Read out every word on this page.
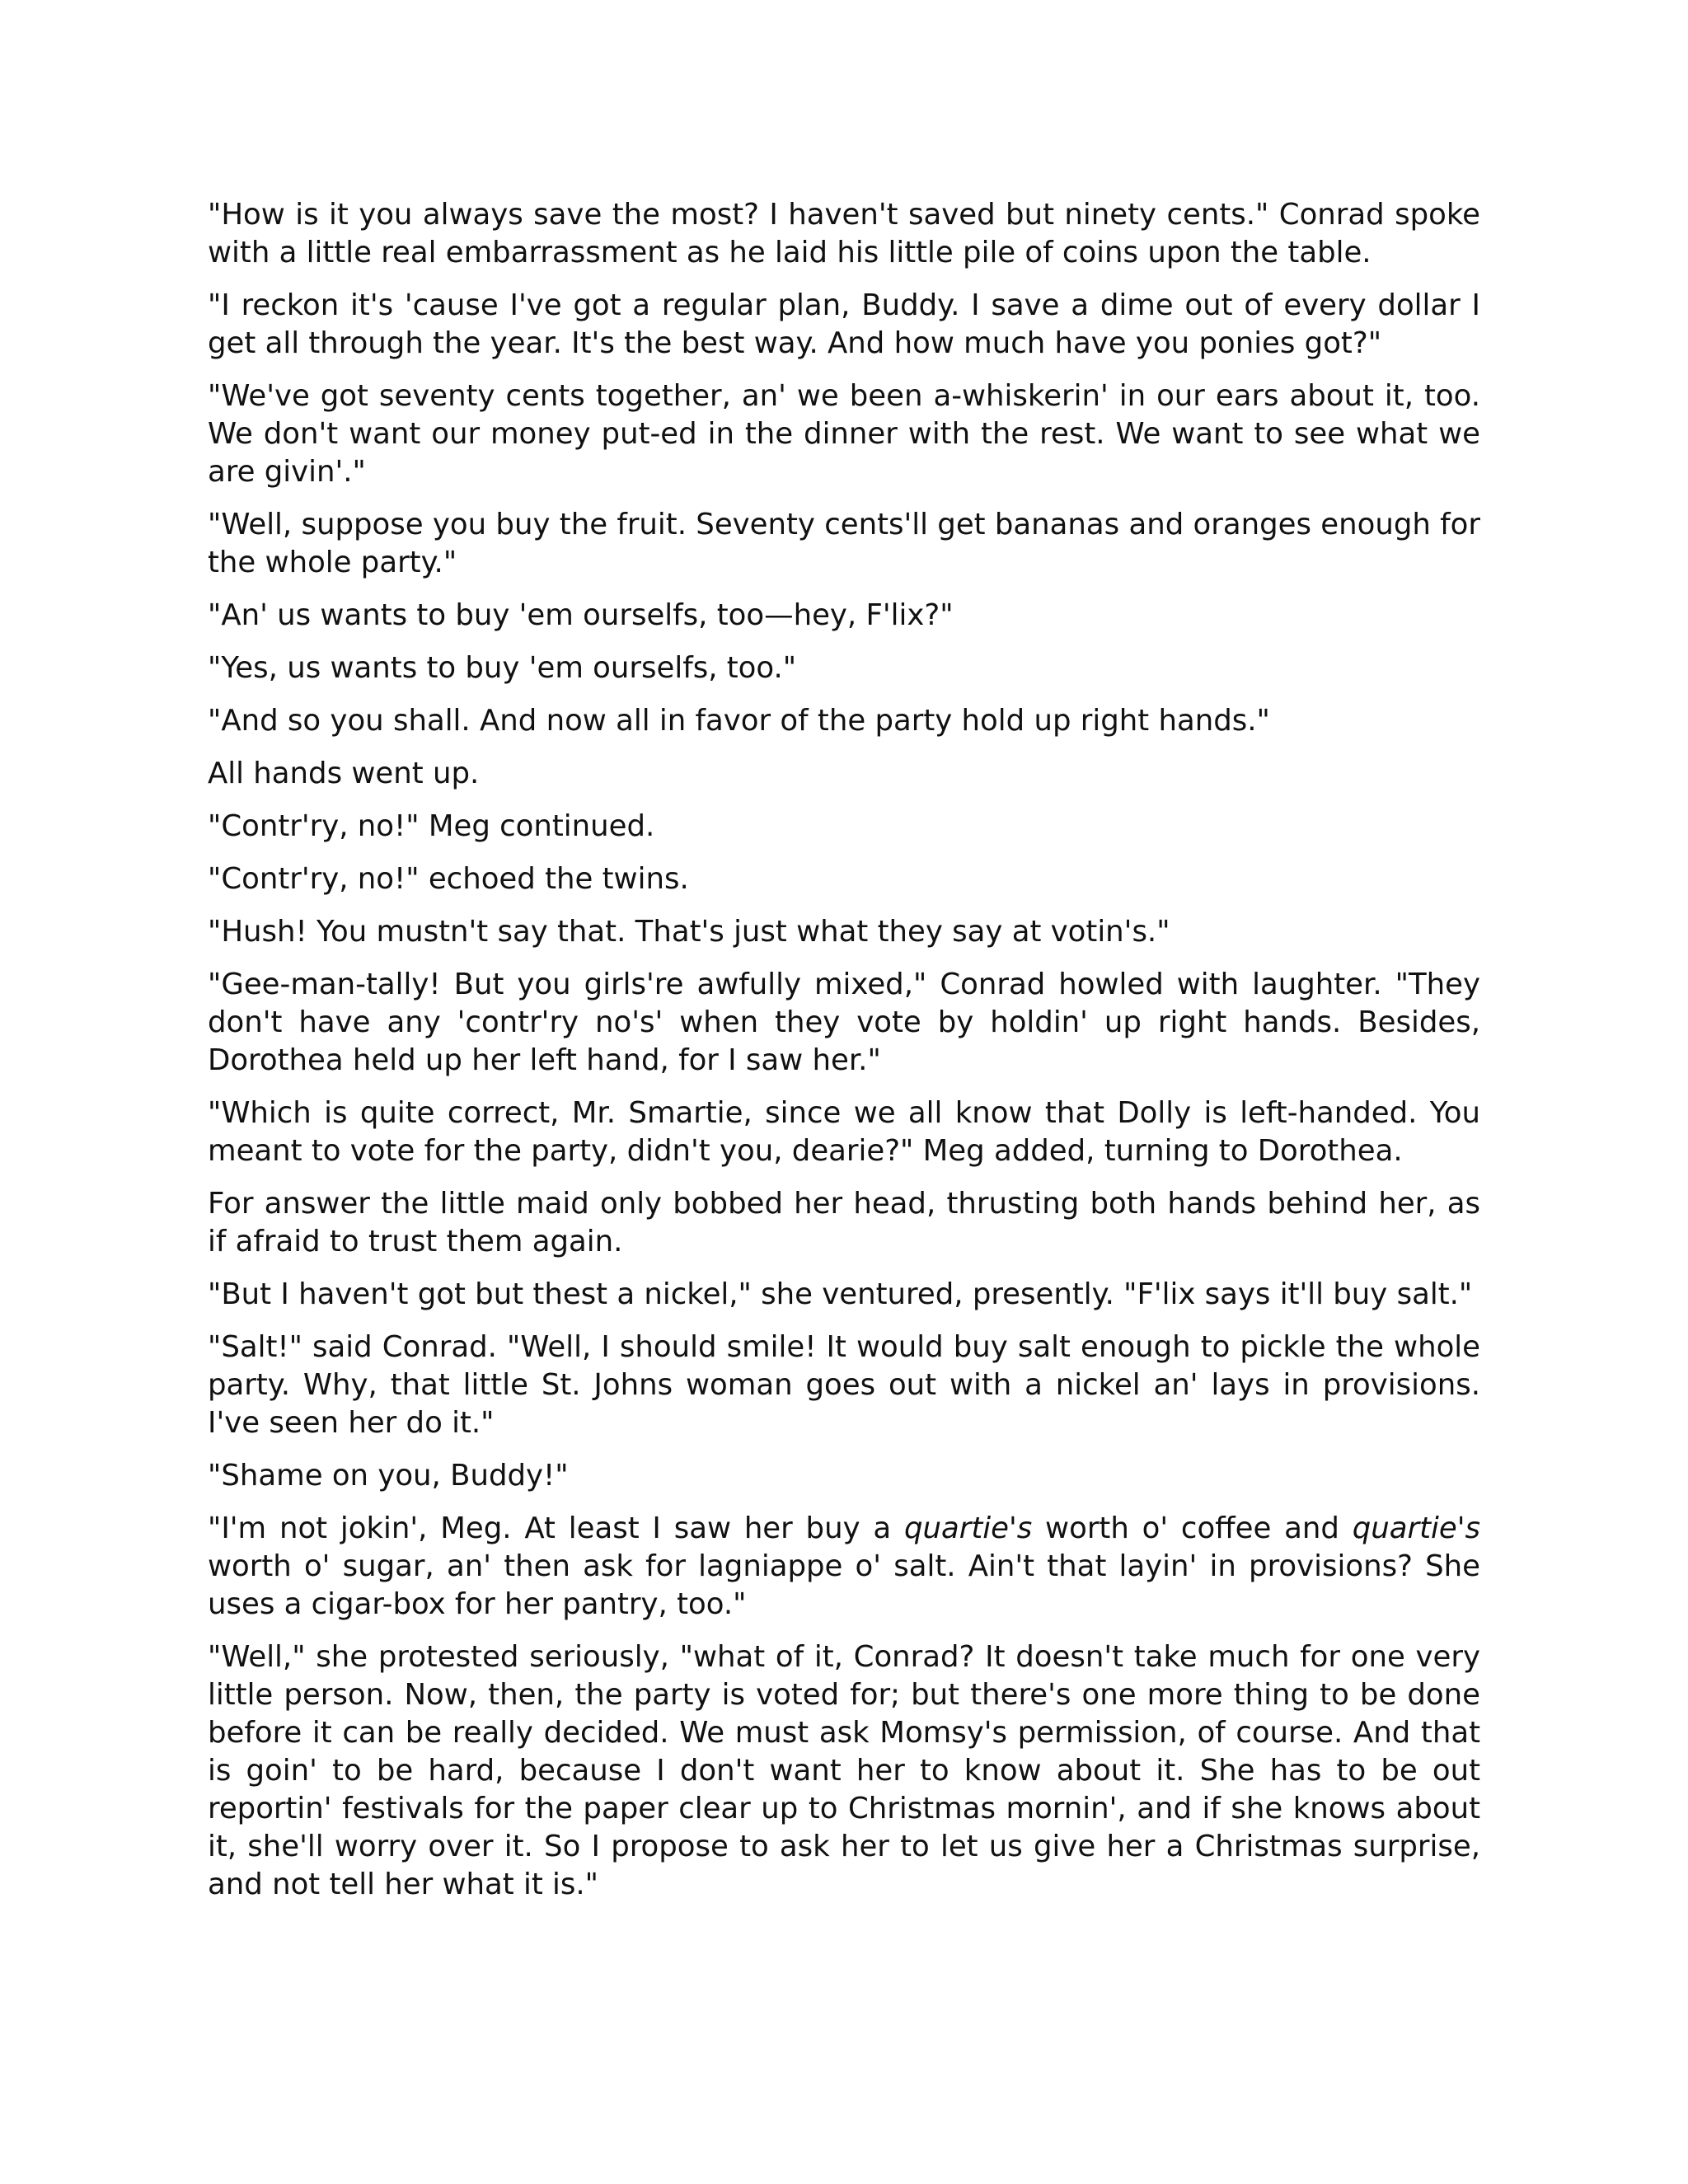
"How is it you always save the most? I haven't saved but ninety cents." Conrad spoke with a little real embarrassment as he laid his little pile of coins upon the table.

"I reckon it's 'cause I've got a regular plan, Buddy. I save a dime out of every dollar I get all through the year. It's the best way. And how much have you ponies got?"

"We've got seventy cents together, an' we been a-whiskerin' in our ears about it, too. We don't want our money put-ed in the dinner with the rest. We want to see what we are givin'."

"Well, suppose you buy the fruit. Seventy cents'll get bananas and oranges enough for the whole party."

"An' us wants to buy 'em ourselfs, too—hey, F'lix?"

"Yes, us wants to buy 'em ourselfs, too."

"And so you shall. And now all in favor of the party hold up right hands."

All hands went up.

"Contr'ry, no!" Meg continued.

"Contr'ry, no!" echoed the twins.

"Hush! You mustn't say that. That's just what they say at votin's."

"Gee-man-tally! But you girls're awfully mixed," Conrad howled with laughter. "They don't have any 'contr'ry no's' when they vote by holdin' up right hands. Besides, Dorothea held up her left hand, for I saw her."

"Which is quite correct, Mr. Smartie, since we all know that Dolly is left-handed. You meant to vote for the party, didn't you, dearie?" Meg added, turning to Dorothea.

For answer the little maid only bobbed her head, thrusting both hands behind her, as if afraid to trust them again.

"But I haven't got but thest a nickel," she ventured, presently. "F'lix says it'll buy salt."

"Salt!" said Conrad. "Well, I should smile! It would buy salt enough to pickle the whole party. Why, that little St. Johns woman goes out with a nickel an' lays in provisions. I've seen her do it."

"Shame on you, Buddy!"

"I'm not jokin', Meg. At least I saw her buy a quartie's worth o' coffee and quartie's worth o' sugar, an' then ask for lagniappe o' salt. Ain't that layin' in provisions? She uses a cigar-box for her pantry, too."

"Well," she protested seriously, "what of it, Conrad? It doesn't take much for one very little person. Now, then, the party is voted for; but there's one more thing to be done before it can be really decided. We must ask Momsy's permission, of course. And that is goin' to be hard, because I don't want her to know about it. She has to be out reportin' festivals for the paper clear up to Christmas mornin', and if she knows about it, she'll worry over it. So I propose to ask her to let us give her a Christmas surprise, and not tell her what it is."
